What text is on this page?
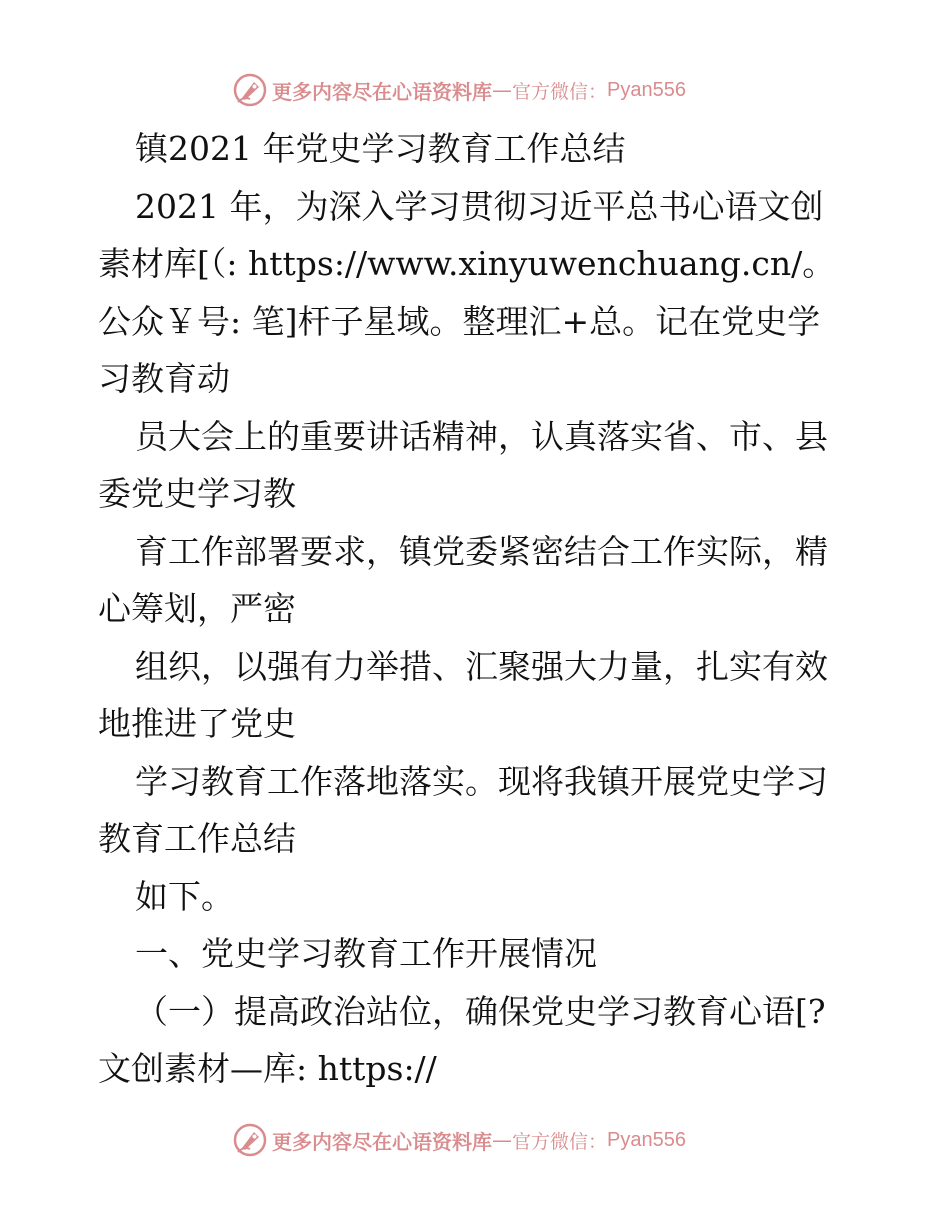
更多内容尽在心语资料库 — 官方微信： Pyan556
镇2021 年党史学习教育工作总结
2021 年，为深入学习贯彻习近平总书心语文创
素材库[（: https://www.xinyuwenchuang.cn/。
公众￥号: 笔]杆子星域。整理汇+总。记在党史学
习教育动
员大会上的重要讲话精神，认真落实省、市、县
委党史学习教
育工作部署要求，镇党委紧密结合工作实际，精
心筹划，严密
组织，以强有力举措、汇聚强大力量，扎实有效
地推进了党史
学习教育工作落地落实。现将我镇开展党史学习
教育工作总结
如下。
一、党史学习教育工作开展情况
（一）提高政治站位，确保党史学习教育心语[?
文创素材—库: https://
更多内容尽在心语资料库 — 官方微信： Pyan556
